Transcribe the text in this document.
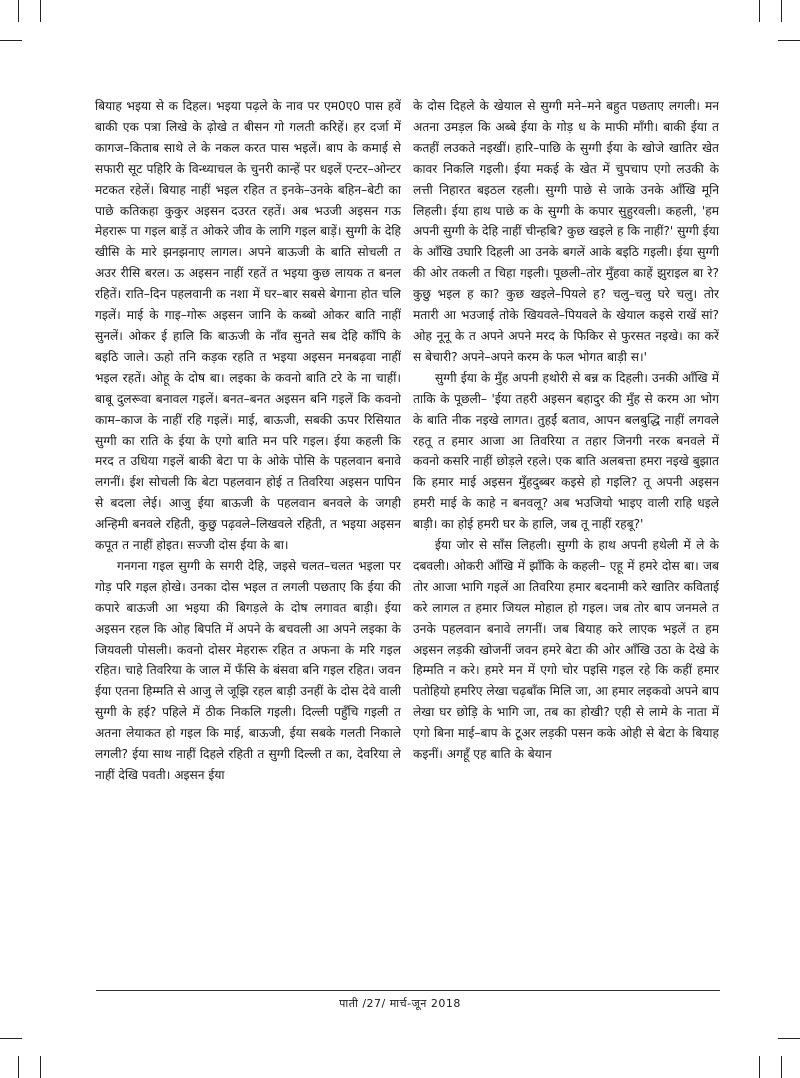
बियाह भइया से क दिहल। भइया पढ़ले के नाव पर एम0ए0 पास हवें बाकी एक पत्रा लिखे के ढ़ोखे त बीसन गो गलती करिहें। हर दर्जा में कागज–किताब साथे ले के नकल करत पास भइलें। बाप के कमाई से सफारी सूट पहिरि के विन्ध्याचल के चुनरी कान्हें पर धइलें एन्टर–ओन्टर मटकत रहेलें। बियाह नाहीं भइल रहित त इनके–उनके बहिन–बेटी का पाछे कतिकहा कुकुर अइसन दउरत रहतें। अब भउजी अइसन गऊ मेहरारू पा गइल बाड़ें त ओकरे जीव के लागि गइल बाड़ें। सुग्गी के देहि खीसि के मारे झनझनाए लागल। अपने बाऊजी के बाति सोचली त अउर रीसि बरल। ऊ अइसन नाहीं रहतें त भइया कुछ लायक त बनल रहितें। राति–दिन पहलवानी क नशा में घर–बार सबसे बेगाना होत चलि गइलें। माई के गाइ–गोरू अइसन जानि के कब्बो ओकर बाति नाहीं सुनलें। ओकर ई हालि कि बाऊजी के नाँव सुनते सब देहि काँपि के बइठि जाले। ऊहो तनि कड़क रहति त भइया अइसन मनबढ़वा नाहीं भइल रहतें। ओहू के दोष बा। लइका के कवनो बाति टरे के ना चाहीं। बाबू दुलरूवा बनावल गइलें। बनत–बनत अइसन बनि गइलें कि कवनो काम–काज के नाहीं रहि गइलें। माई, बाऊजी, सबकी ऊपर रिसियात सुग्गी का राति के ईया के एगो बाति मन परि गइल। ईया कहली कि मरद त उधिया गइलें बाकी बेटा पा के ओके पोसि के पहलवान बनावे लगनीं। ईश सोचली कि बेटा पहलवान होई त तिवरिया अइसन पापिन से बदला लेई। आजु ईया बाऊजी के पहलवान बनवले के जगही अन्हिमी बनवले रहिती, कुछु पढ़वले–लिखवले रहिती, त भइया अइसन कपूत त नाहीं होइत। सज्जी दोस ईया के बा।

गनगना गइल सुग्गी के सगरी देहि, जइसे चलत–चलत भइला पर गोड़ परि गइल होखे। उनका दोस भइल त लगली पछताए कि ईया की कपारे बाऊजी आ भइया की बिगड़ले के दोष लगावत बाड़ी। ईया अइसन रहल कि ओह बिपति में अपने के बचवली आ अपने लइका के जियवली पोसली। कवनो दोसर मेहरारू रहित त अफना के मरि गइल रहित। चाहे तिवरिया के जाल में फँसि के बंसवा बनि गइल रहित। जवन ईया एतना हिम्मति से आजु ले जूझि रहल बाड़ी उनहीं के दोस देवे वाली सुग्गी के हई? पहिले में ठीक निकलि गइली। दिल्ली पहुँचि गइली त अतना लेयाकत हो गइल कि माई, बाऊजी, ईया सबके गलती निकाले लगली? ईया साथ नाहीं दिहले रहिती त सुग्गी दिल्ली त का, देवरिया ले नाहीं देखि पवती। अइसन ईया

के दोस दिहले के खेयाल से सुग्गी मने–मने बहुत पछताए लगली। मन अतना उमड़ल कि अब्बे ईया के गोड़ ध के माफी माँगी। बाकी ईया त कतहीं लउकते नइखीं। हारि–पाछि के सुग्गी ईया के खोजे खातिर खेत कावर निकलि गइली। ईया मकई के खेत में चुपचाप एगो लउकी के लत्ती निहारत बइठल रहली। सुग्गी पाछे से जाके उनके आँखि मूनि लिहली। ईया हाथ पाछे क के सुग्गी के कपार सुहुरवली। कहली, 'हम अपनी सुग्गी के देहि नाहीं चीन्हबि? कुछ खइले ह कि नाहीं?' सुग्गी ईया के आँखि उघारि दिहली आ उनके बगलें आके बइठि गइली। ईया सुग्गी की ओर तकली त चिहा गइली। पूछली–तोर मुँहवा काहें झुराइल बा रे? कुछु भइल ह का? कुछ खइले–पियले ह? चलु–चलु घरे चलु। तोर मतारी आ भउजाई तोके खियवले–पियवले के खेयाल कइसे राखें सां? ओह नूनू के त अपने अपने मरद के फिकिर से फुरसत नइखे। का करें स बेचारी? अपने–अपने करम के फल भोगत बाड़ी स।'

सुग्गी ईया के मुँह अपनी हथोरी से बन्न क दिहली। उनकी आँखि में ताकि के पूछली– 'ईया तहरी अइसन बहादुर की मुँह से करम आ भोग के बाति नीक नइखे लागत। तुहईं बताव, आपन बलबुद्धि नाहीं लगवले रहतू त हमार आजा आ तिवरिया त तहार जिनगी नरक बनवले में कवनो कसरि नाहीं छोड़ले रहले। एक बाति अलबत्ता हमरा नइखे बुझात कि हमार माई अइसन मुँहदुब्बर कइसे हो गइलि? तू अपनी अइसन हमरी माई के काहे न बनवलू? अब भउजियो भाइए वाली राहि धइले बाड़ी। का होई हमरी घर के हालि, जब तू नाहीं रहबू?'

ईया जोर से साँस लिहली। सुग्गी के हाथ अपनी हथेली में ले के दबवली। ओकरी आँखि में झाँकि के कहली– एहू में हमरे दोस बा। जब तोर आजा भागि गइलें आ तिवरिया हमार बदनामी करे खातिर कविताई करे लागल त हमार जियल मोहाल हो गइल। जब तोर बाप जनमले त उनके पहलवान बनावे लगनीं। जब बियाह करे लाएक भइलें त हम अइसन लड़की खोजनीं जवन हमरे बेटा की ओर आँखि उठा के देखे के हिम्मति न करे। हमरे मन में एगो चोर पइसि गइल रहे कि कहीं हमार पतोहियो हमरिए लेखा चढ़बाँक मिलि जा, आ हमार लइकवो अपने बाप लेखा घर छोड़ि के भागि जा, तब का होखी? एही से लामे के नाता में एगो बिना माई–बाप के टूअर लड़की पसन कके ओही से बेटा के बियाह कइनीं। अगहूँ एह बाति के बेयान

पाती /27/ मार्च-जून 2018
